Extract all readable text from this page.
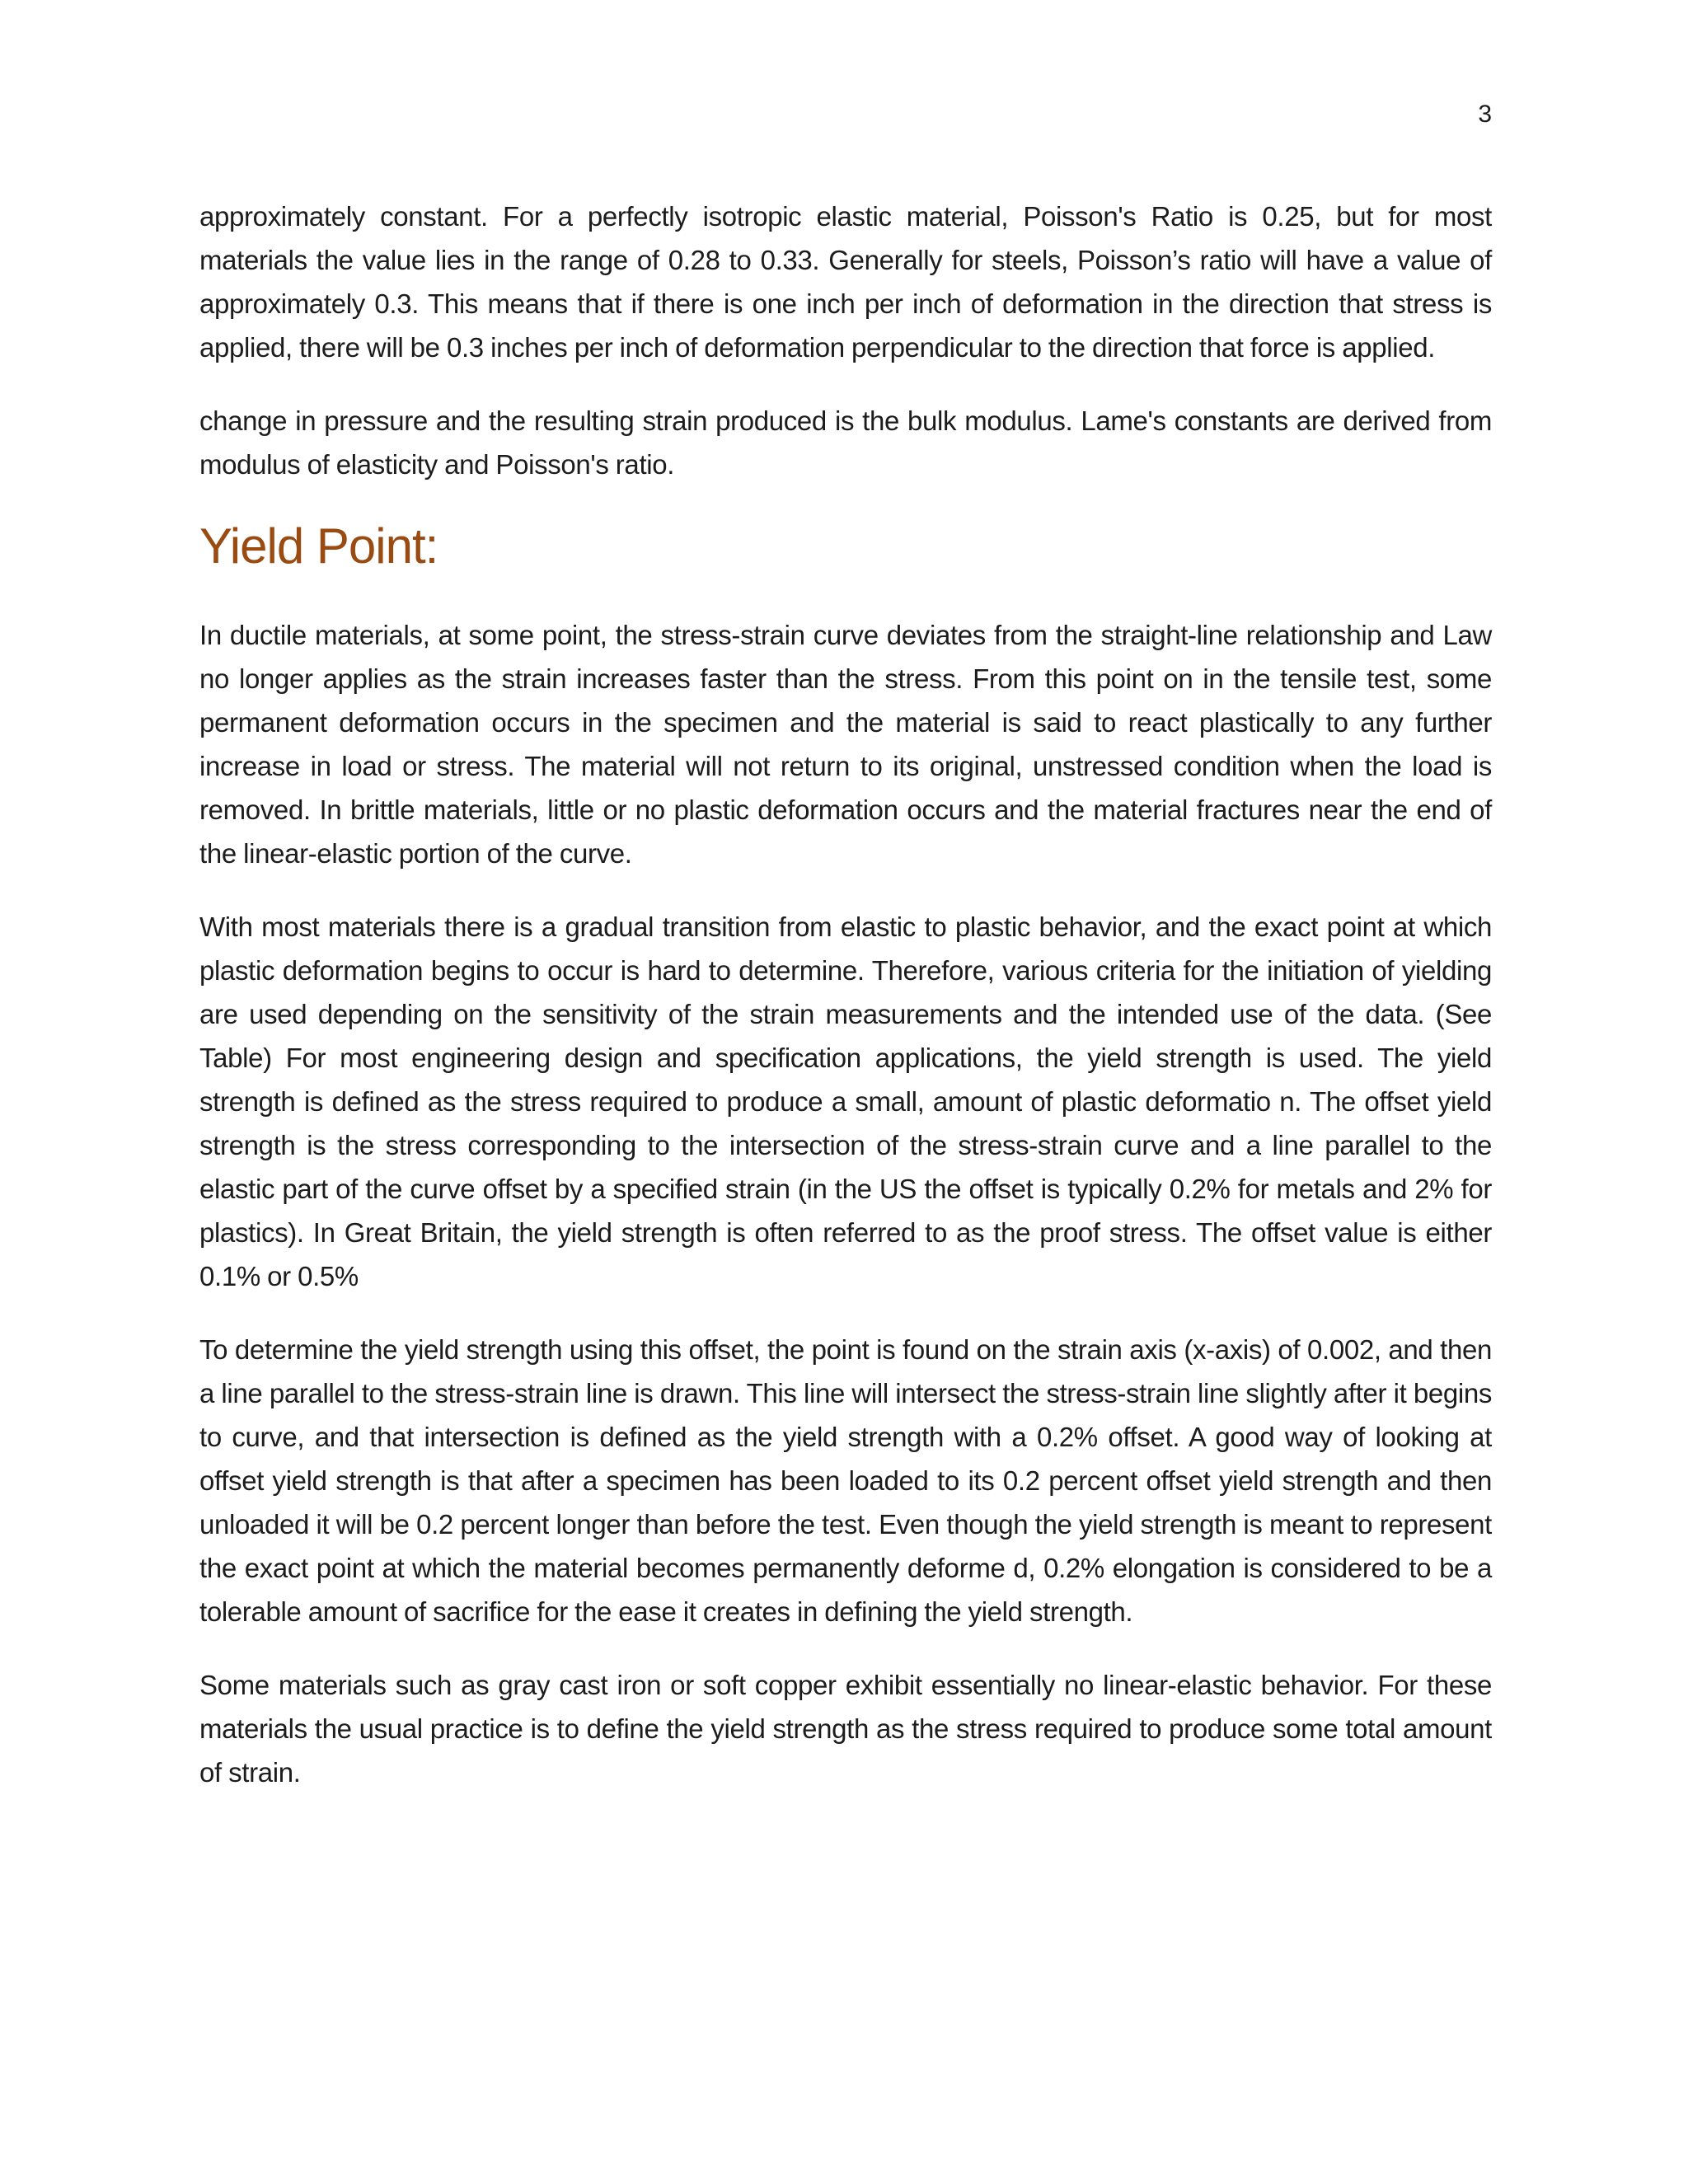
3

approximately constant. For a perfectly isotropic elastic material, Poisson's Ratio is 0.25, but for most materials the value lies in the range of 0.28 to 0.33. Generally for steels, Poisson’s ratio will have a value of approximately 0.3. This means that if there is one inch per inch of deformation in the direction that stress is applied, there will be 0.3 inches per inch of deformation perpendicular to the direction that force is applied.

change in pressure and the resulting strain produced is the bulk modulus. Lame's constants are derived from modulus of elasticity and Poisson's ratio.

Yield Point:

In ductile materials, at some point, the stress-strain curve deviates from the straight-line relationship and Law no longer applies as the strain increases faster than the stress. From this point on in the tensile test, some permanent deformation occurs in the specimen and the material is said to react plastically to any further increase in load or stress. The material will not return to its original, unstressed condition when the load is removed. In brittle materials, little or no plastic deformation occurs and the material fractures near the end of the linear-elastic portion of the curve.

With most materials there is a gradual transition from elastic to plastic behavior, and the exact point at which plastic deformation begins to occur is hard to determine. Therefore, various criteria for the initiation of yielding are used depending on the sensitivity of the strain measurements and the intended use of the data. (See Table) For most engineering design and specification applications, the yield strength is used. The yield strength is defined as the stress required to produce a small, amount of plastic deformatio n. The offset yield strength is the stress corresponding to the intersection of the stress-strain curve and a line parallel to the elastic part of the curve offset by a specified strain (in the US the offset is typically 0.2% for metals and 2% for plastics). In Great Britain, the yield strength is often referred to as the proof stress. The offset value is either 0.1% or 0.5%

To determine the yield strength using this offset, the point is found on the strain axis (x-axis) of 0.002, and then a line parallel to the stress-strain line is drawn. This line will intersect the stress-strain line slightly after it begins to curve, and that intersection is defined as the yield strength with a 0.2% offset. A good way of looking at offset yield strength is that after a specimen has been loaded to its 0.2 percent offset yield strength and then unloaded it will be 0.2 percent longer than before the test. Even though the yield strength is meant to represent the exact point at which the material becomes permanently deforme d, 0.2% elongation is considered to be a tolerable amount of sacrifice for the ease it creates in defining the yield strength.

Some materials such as gray cast iron or soft copper exhibit essentially no linear-elastic behavior. For these materials the usual practice is to define the yield strength as the stress required to produce some total amount of strain.
